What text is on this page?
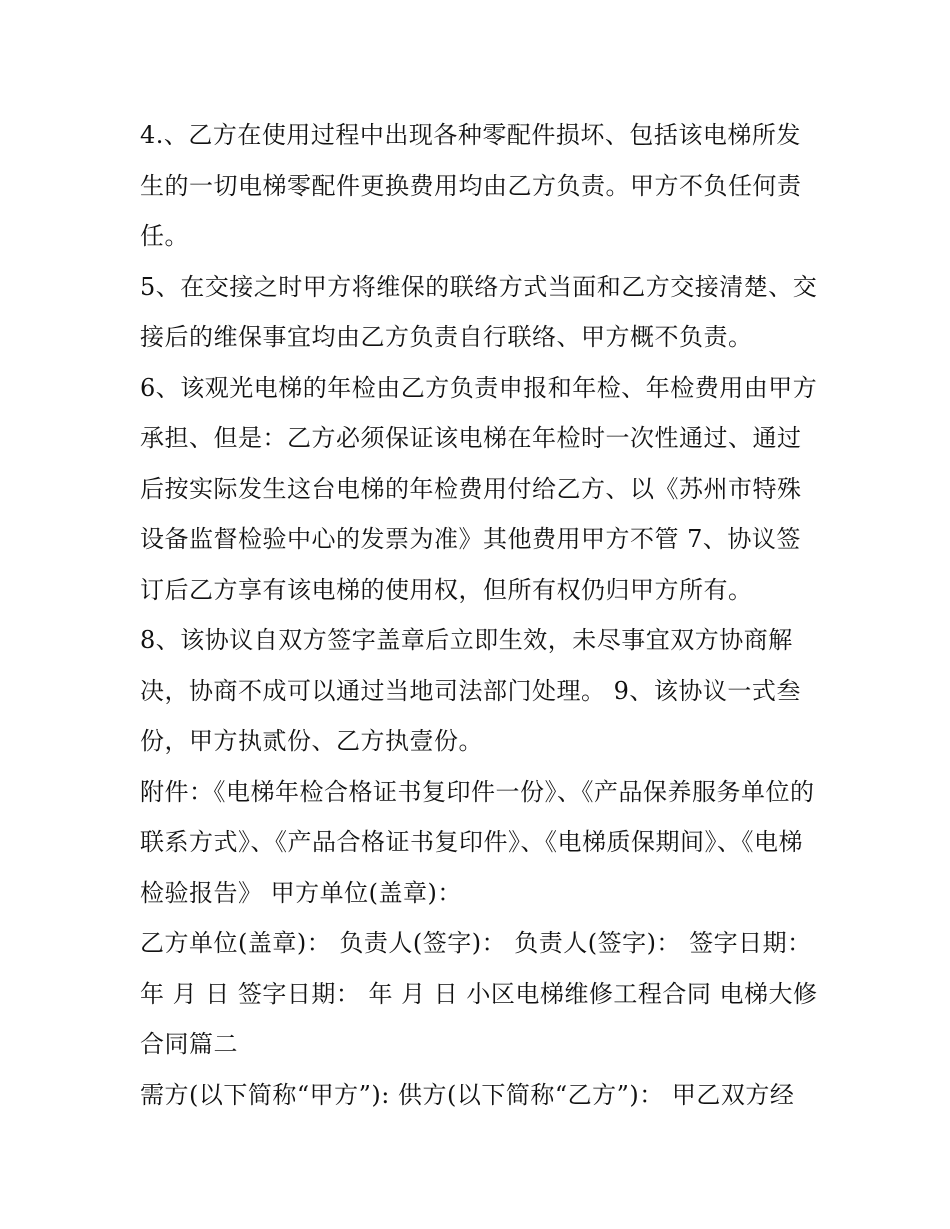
4.、乙方在使用过程中出现各种零配件损坏、包括该电梯所发生的一切电梯零配件更换费用均由乙方负责。甲方不负任何责任。

5、在交接之时甲方将维保的联络方式当面和乙方交接清楚、交接后的维保事宜均由乙方负责自行联络、甲方概不负责。

6、该观光电梯的年检由乙方负责申报和年检、年检费用由甲方承担、但是：乙方必须保证该电梯在年检时一次性通过、通过后按实际发生这台电梯的年检费用付给乙方、以《苏州市特殊设备监督检验中心的发票为准》其他费用甲方不管 7、协议签订后乙方享有该电梯的使用权，但所有权仍归甲方所有。

8、该协议自双方签字盖章后立即生效，未尽事宜双方协商解决，协商不成可以通过当地司法部门处理。 9、该协议一式叁份，甲方执贰份、乙方执壹份。

附件：《电梯年检合格证书复印件一份》、《产品保养服务单位的联系方式》、《产品合格证书复印件》、《电梯质保期间》、《电梯检验报告》 甲方单位(盖章)：

乙方单位(盖章)： 负责人(签字)： 负责人(签字)： 签字日期： 年 月 日 签字日期： 年 月 日 小区电梯维修工程合同 电梯大修合同篇二

需方(以下简称“甲方”): 供方(以下简称“乙方”)： 甲乙双方经
